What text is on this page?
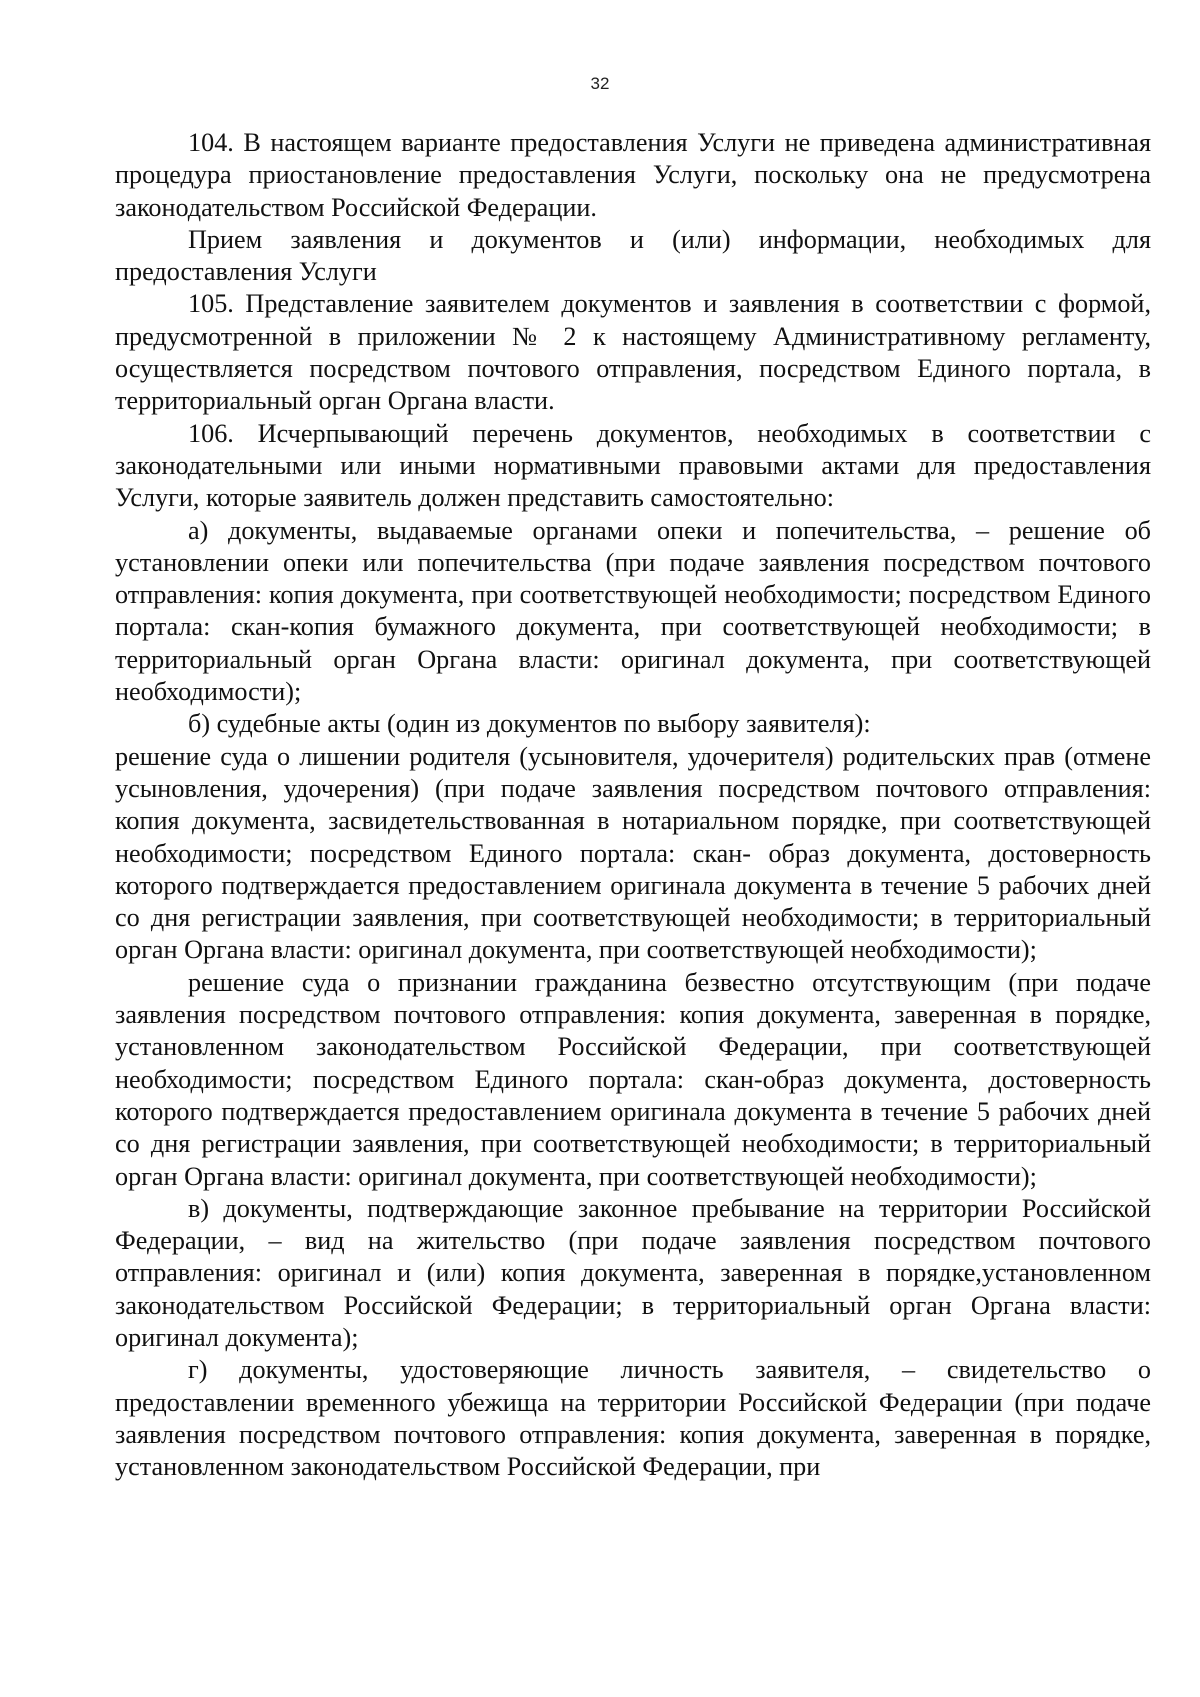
32

104. В настоящем варианте предоставления Услуги не приведена административная процедура приостановление предоставления Услуги, поскольку она не предусмотрена законодательством Российской Федерации.

Прием заявления и документов и (или) информации, необходимых для предоставления Услуги

105. Представление заявителем документов и заявления в соответствии с формой, предусмотренной в приложении № 2 к настоящему Административному регламенту, осуществляется посредством почтового отправления, посредством Единого портала, в территориальный орган Органа власти.

106. Исчерпывающий перечень документов, необходимых в соответствии с законодательными или иными нормативными правовыми актами для предоставления Услуги, которые заявитель должен представить самостоятельно:

а) документы, выдаваемые органами опеки и попечительства, – решение об установлении опеки или попечительства (при подаче заявления посредством почтового отправления: копия документа, при соответствующей необходимости; посредством Единого портала: скан-копия бумажного документа, при соответствующей необходимости; в территориальный орган Органа власти: оригинал документа, при соответствующей необходимости);

б) судебные акты (один из документов по выбору заявителя):

решение суда о лишении родителя (усыновителя, удочерителя) родительских прав (отмене усыновления, удочерения) (при подаче заявления посредством почтового отправления: копия документа, засвидетельствованная в нотариальном порядке, при соответствующей необходимости; посредством Единого портала: скан- образ документа, достоверность которого подтверждается предоставлением оригинала документа в течение 5 рабочих дней со дня регистрации заявления, при соответствующей необходимости; в территориальный орган Органа власти: оригинал документа, при соответствующей необходимости);

решение суда о признании гражданина безвестно отсутствующим (при подаче заявления посредством почтового отправления: копия документа, заверенная в порядке, установленном законодательством Российской Федерации, при соответствующей необходимости; посредством Единого портала: скан-образ документа, достоверность которого подтверждается предоставлением оригинала документа в течение 5 рабочих дней со дня регистрации заявления, при соответствующей необходимости; в территориальный орган Органа власти: оригинал документа, при соответствующей необходимости);

в) документы, подтверждающие законное пребывание на территории Российской Федерации, – вид на жительство (при подаче заявления посредством почтового отправления: оригинал и (или) копия документа, заверенная в порядке,установленном законодательством Российской Федерации; в территориальный орган Органа власти: оригинал документа);

г) документы, удостоверяющие личность заявителя, – свидетельство о предоставлении временного убежища на территории Российской Федерации (при подаче заявления посредством почтового отправления: копия документа, заверенная в порядке, установленном законодательством Российской Федерации, при
